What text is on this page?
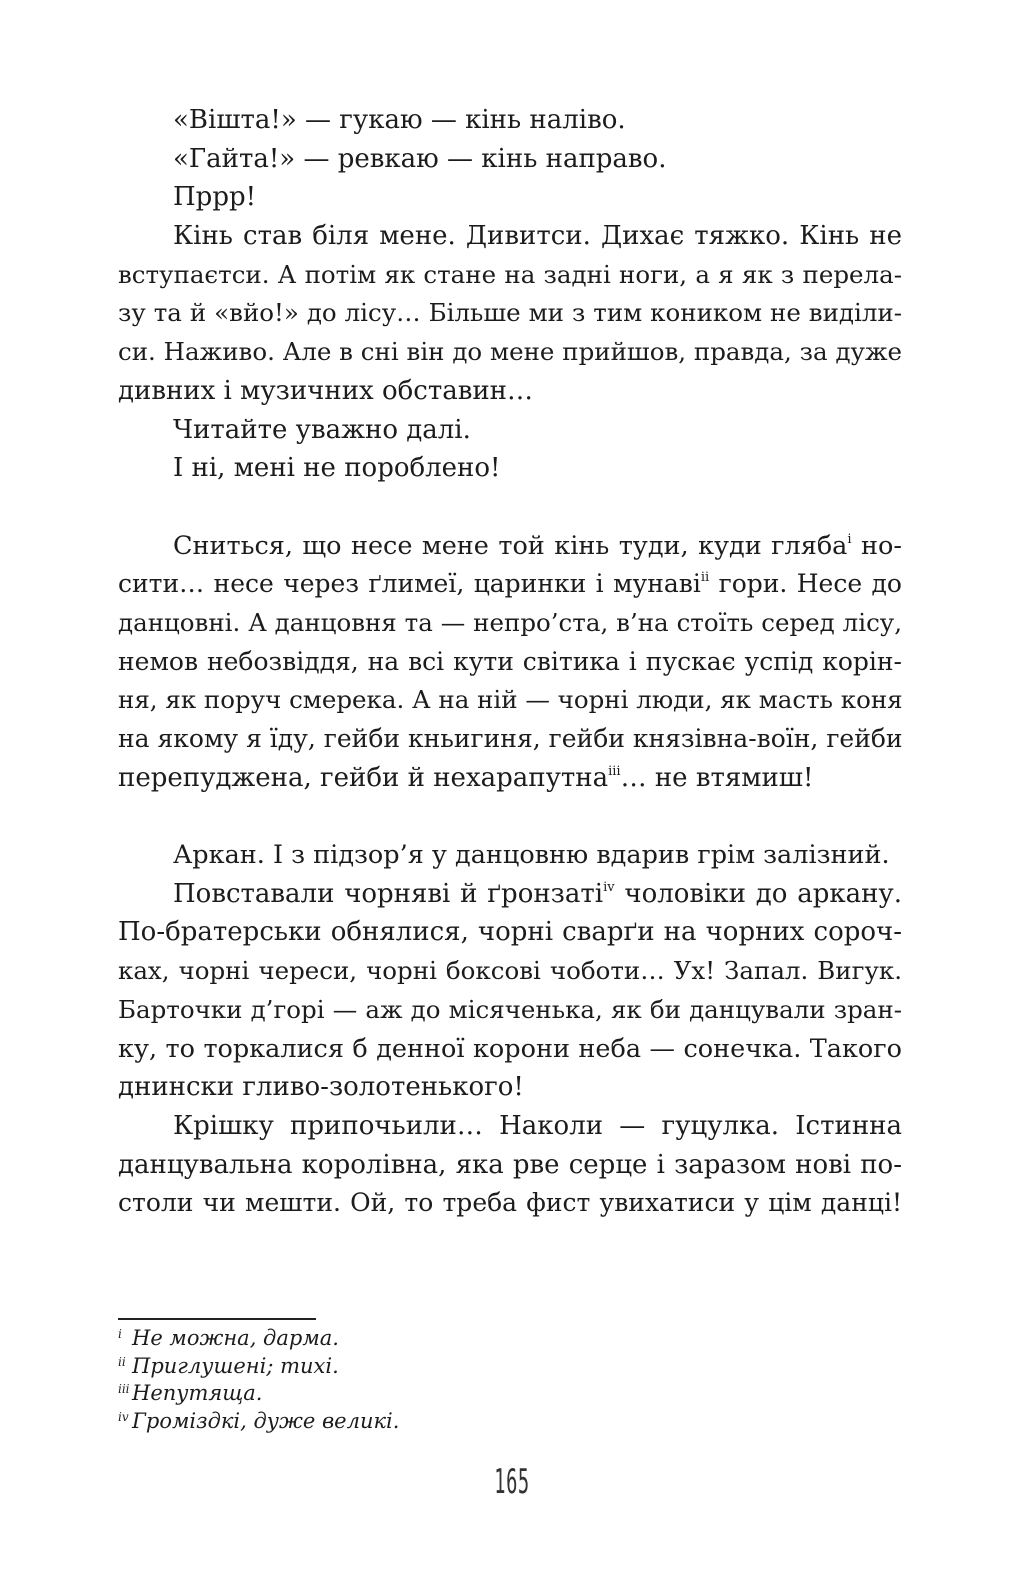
«Вішта!» — гукаю — кінь наліво.
«Гайта!» — ревкаю — кінь направо.
Пррр!
Кінь став біля мене. Дивитси. Дихає тяжко. Кінь не
вступаєтси. А потім як стане на задні ноги, а я як з перела-
зу та й «вйо!» до лісу… Більше ми з тим коником не виділи-
си. Наживо. Але в сні він до мене прийшов, правда, за дуже
дивних і музичних обставин…
Читайте уважно далі.
І ні, мені не пороблено!
Сниться, що несе мене той кінь туди, куди гляба$^i$ но-
сити… несе через ґлимеї, царинки і мунаві$^{ii}$ гори. Несе до
данцовні. А данцовня та — непро’ста, в’на стоїть серед лісу,
немов небозвіддя, на всі кути світика і пускає успід корін-
ня, як поруч смерека. А на ній — чорні люди, як масть коня
на якому я їду, гейби кньигиня, гейби князівна-воїн, гейби
перепуджена, гейби й нехарапутна$^{iii}$… не втямиш!
Аркан. І з підзор’я у данцовню вдарив грім залізний.
Повставали чорняві й ґронзаті$^{iv}$ чоловіки до аркану.
По-братерськи обнялися, чорні сварґи на чорних сороч-
ках, чорні череси, чорні боксові чоботи… Ух! Запал. Вигук.
Барточки д’горі — аж до місяченька, як би данцували зран-
ку, то торкалися б денної корони неба — сонечка. Такого
днински гливо-золотенького!
Крішку припочьили… Наколи — гуцулка. Істинна
данцувальна королівна, яка рве серце і заразом нові по-
столи чи мешти. Ой, то треба фист увихатиси у цім данці!
i Не можна, дарма.
ii Приглушені; тихі.
iii Непутяща.
iv Громіздкі, дуже великі.
165
